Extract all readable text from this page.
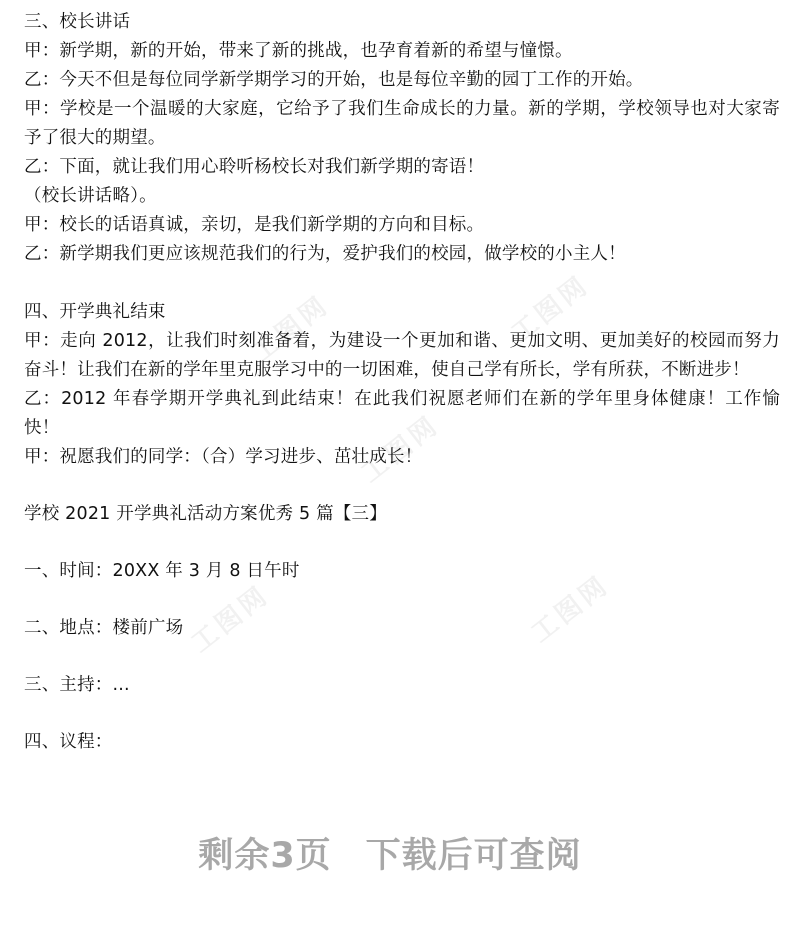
工图网	工图网
工图网
工图网
工图网
三、校长讲话
甲：新学期，新的开始，带来了新的挑战，也孕育着新的希望与憧憬。
乙：今天不但是每位同学新学期学习的开始，也是每位辛勤的园丁工作的开始。
甲：学校是一个温暖的大家庭，它给予了我们生命成长的力量。新的学期，学校领导也对大家寄予了很大的期望。
乙：下面，就让我们用心聆听杨校长对我们新学期的寄语！
（校长讲话略）。
甲：校长的话语真诚，亲切，是我们新学期的方向和目标。
乙：新学期我们更应该规范我们的行为，爱护我们的校园，做学校的小主人！
四、开学典礼结束
甲：走向 2012，让我们时刻准备着，为建设一个更加和谐、更加文明、更加美好的校园而努力奋斗！让我们在新的学年里克服学习中的一切困难，使自己学有所长，学有所获，不断进步！
乙：2012 年春学期开学典礼到此结束！在此我们祝愿老师们在新的学年里身体健康！工作愉快！
甲：祝愿我们的同学：（合）学习进步、茁壮成长！
学校 2021 开学典礼活动方案优秀 5 篇【三】
一、时间：20XX 年 3 月 8 日午时
二、地点：楼前广场
三、主持：...
四、议程：
剩余3页 下载后可查阅
